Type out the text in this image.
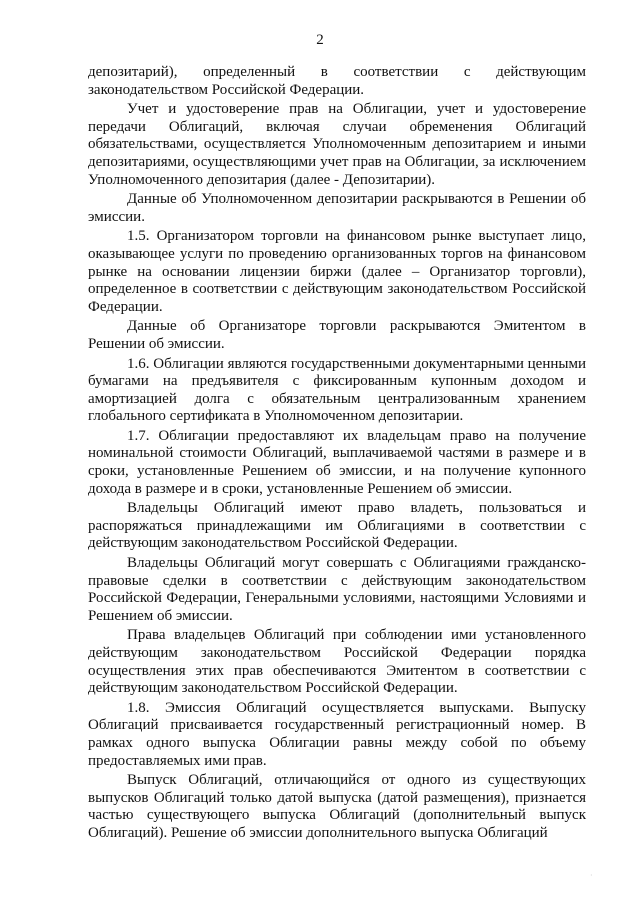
2

депозитарий), определенный в соответствии с действующим законодательством Российской Федерации.

Учет и удостоверение прав на Облигации, учет и удостоверение передачи Облигаций, включая случаи обременения Облигаций обязательствами, осуществляется Уполномоченным депозитарием и иными депозитариями, осуществляющими учет прав на Облигации, за исключением Уполномоченного депозитария (далее - Депозитарии).

Данные об Уполномоченном депозитарии раскрываются в Решении об эмиссии.

1.5. Организатором торговли на финансовом рынке выступает лицо, оказывающее услуги по проведению организованных торгов на финансовом рынке на основании лицензии биржи (далее – Организатор торговли), определенное в соответствии с действующим законодательством Российской Федерации.

Данные об Организаторе торговли раскрываются Эмитентом в Решении об эмиссии.

1.6. Облигации являются государственными документарными ценными бумагами на предъявителя с фиксированным купонным доходом и амортизацией долга с обязательным централизованным хранением глобального сертификата в Уполномоченном депозитарии.

1.7. Облигации предоставляют их владельцам право на получение номинальной стоимости Облигаций, выплачиваемой частями в размере и в сроки, установленные Решением об эмиссии, и на получение купонного дохода в размере и в сроки, установленные Решением об эмиссии.

Владельцы Облигаций имеют право владеть, пользоваться и распоряжаться принадлежащими им Облигациями в соответствии с действующим законодательством Российской Федерации.

Владельцы Облигаций могут совершать с Облигациями гражданско-правовые сделки в соответствии с действующим законодательством Российской Федерации, Генеральными условиями, настоящими Условиями и Решением об эмиссии.

Права владельцев Облигаций при соблюдении ими установленного действующим законодательством Российской Федерации порядка осуществления этих прав обеспечиваются Эмитентом в соответствии с действующим законодательством Российской Федерации.

1.8. Эмиссия Облигаций осуществляется выпусками. Выпуску Облигаций присваивается государственный регистрационный номер. В рамках одного выпуска Облигации равны между собой по объему предоставляемых ими прав.

Выпуск Облигаций, отличающийся от одного из существующих выпусков Облигаций только датой выпуска (датой размещения), признается частью существующего выпуска Облигаций (дополнительный выпуск Облигаций). Решение об эмиссии дополнительного выпуска Облигаций

·
